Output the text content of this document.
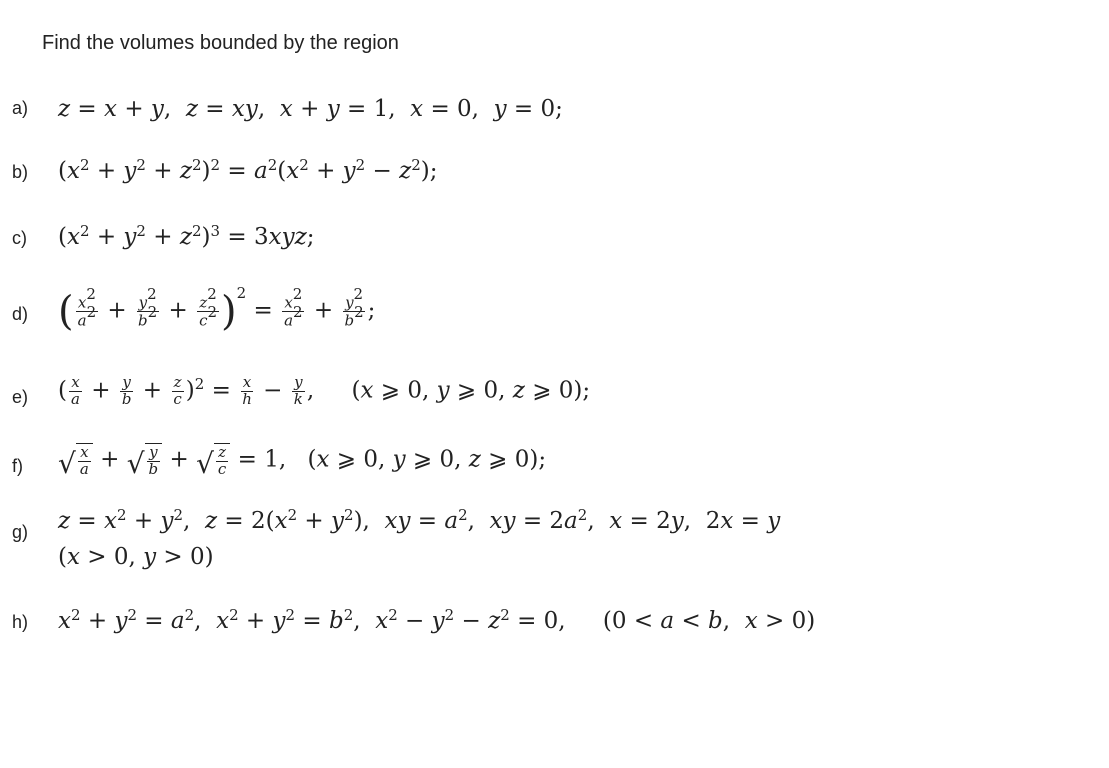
Find the volumes bounded by the region
a) z = x + y,  z = xy,  x + y = 1,  x = 0,  y = 0;
b) $(x^2 + y^2 + z^2)^2 = a^2(x^2 + y^2 - z^2)$;
c) $(x^2 + y^2 + z^2)^3 = 3xyz$;
d) ( $\frac{x^2}{a^2} + \frac{y^2}{b^2} + \frac{z^2}{c^2} )^2 = \frac{x^2}{a^2} + \frac{y^2}{b^2}$ ;
e) ( $\frac{x}{a} + \frac{y}{b} + \frac{z}{c} )^2 = \frac{x}{h} - \frac{y}{k}$ , (x ⩾ 0, y ⩾ 0, z ⩾ 0);
f) √ $\frac{x}{a}$ + √ $\frac{y}{b}$ + √ $\frac{z}{c} = 1$, (x ⩾ 0, y ⩾ 0, z ⩾ 0);
g) $z = x^2 + y^2$,  $z = 2(x^2 + y^2)$,  xy = $a^2$,  xy = $2a^2$,  x = 2y,  2x = y
(x > 0, y > 0)
h) $x^2 + y^2 = a^2$,  $x^2 + y^2 = b^2$,  $x^2 - y^2 - z^2 = 0$, (0 < a < b,  x > 0)
